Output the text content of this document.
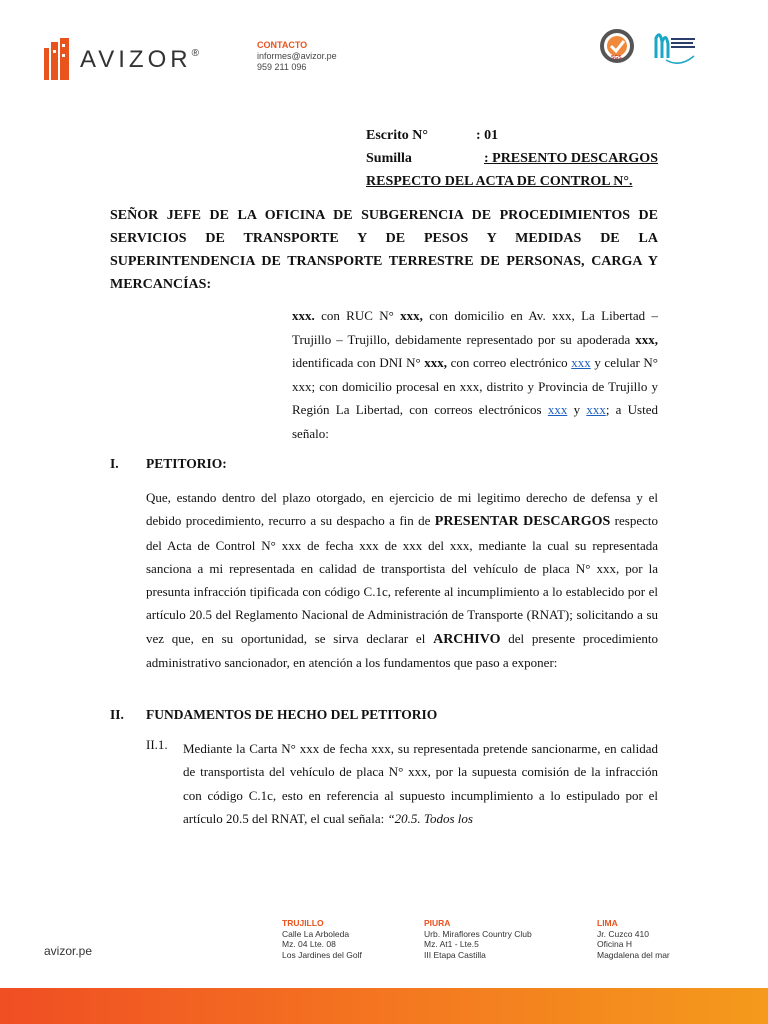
AVIZOR®
CONTACTO
informes@avizor.pe
959 211 096
SGS
Escrito N°	: 01
Sumilla	: PRESENTO DESCARGOS
RESPECTO DEL ACTA DE CONTROL N°.
SEÑOR JEFE DE LA OFICINA DE SUBGERENCIA DE PROCEDIMIENTOS DE SERVICIOS DE TRANSPORTE Y DE PESOS Y MEDIDAS DE LA SUPERINTENDENCIA DE TRANSPORTE TERRESTRE DE PERSONAS, CARGA Y MERCANCÍAS:
xxx. con RUC N° xxx, con domicilio en Av. xxx, La Libertad – Trujillo – Trujillo, debidamente representado por su apoderada xxx, identificada con DNI N° xxx, con correo electrónico xxx y celular N° xxx; con domicilio procesal en xxx, distrito y Provincia de Trujillo y Región La Libertad, con correos electrónicos xxx y xxx; a Usted señalo:
I.	PETITORIO:
Que, estando dentro del plazo otorgado, en ejercicio de mi legitimo derecho de defensa y el debido procedimiento, recurro a su despacho a fin de PRESENTAR DESCARGOS respecto del Acta de Control N° xxx de fecha xxx de xxx del xxx, mediante la cual su representada sanciona a mi representada en calidad de transportista del vehículo de placa N° xxx, por la presunta infracción tipificada con código C.1c, referente al incumplimiento a lo establecido por el artículo 20.5 del Reglamento Nacional de Administración de Transporte (RNAT); solicitando a su vez que, en su oportunidad, se sirva declarar el ARCHIVO del presente procedimiento administrativo sancionador, en atención a los fundamentos que paso a exponer:
II.	FUNDAMENTOS DE HECHO DEL PETITORIO
II.1. Mediante la Carta N° xxx de fecha xxx, su representada pretende sancionarme, en calidad de transportista del vehículo de placa N° xxx, por la supuesta comisión de la infracción con código C.1c, esto en referencia al supuesto incumplimiento a lo estipulado por el artículo 20.5 del RNAT, el cual señala: “20.5. Todos los
avizor.pe
TRUJILLO
Calle La Arboleda
Mz. 04 Lte. 08
Los Jardines del Golf
PIURA
Urb. Miraflores Country Club
Mz. At1 - Lte.5
III Etapa Castilla
LIMA
Jr. Cuzco 410
Oficina H
Magdalena del mar
